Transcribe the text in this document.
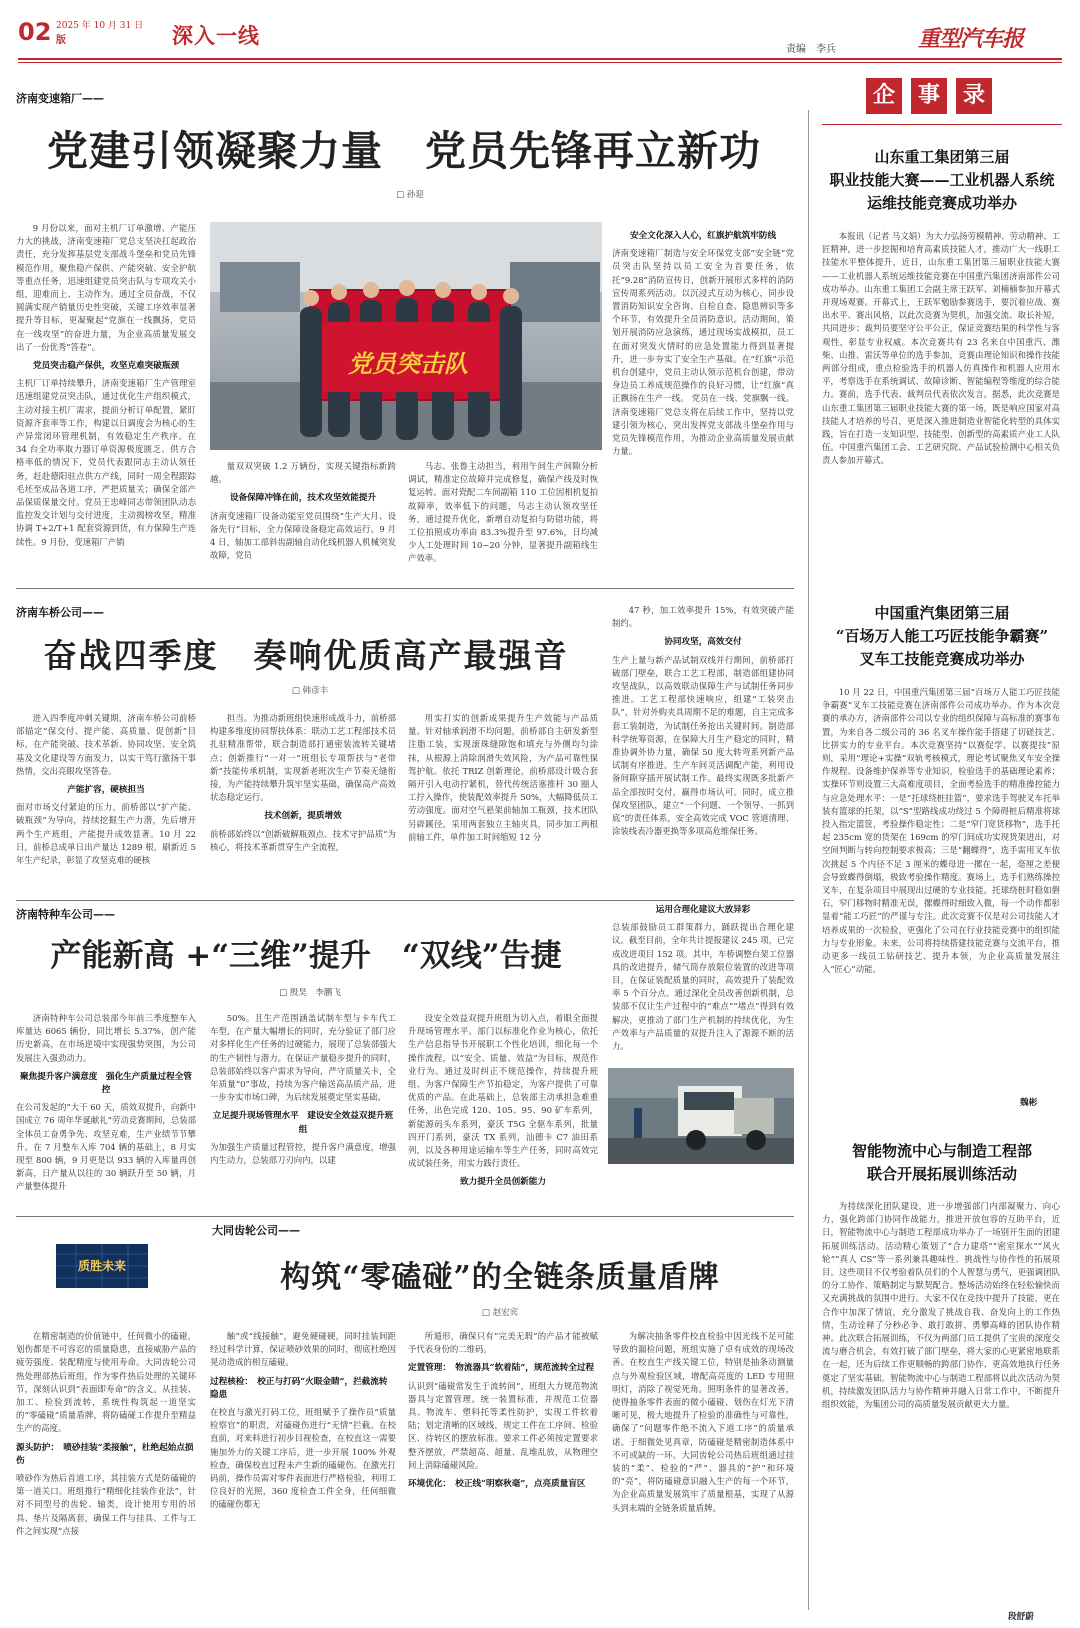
02 版
2025 年 10 月 31 日 深入一线
责编　李兵	重型汽车报
济南变速箱厂——
党建引领凝聚力量　党员先锋再立新功
□ 孙迎
9 月份以来，面对主机厂订单激增、产能压力大的挑战，济南变速箱厂党总支坚决扛起政治责任，充分发挥基层党支部战斗堡垒和党员先锋模范作用，聚焦稳产保供、产能突破、安全护航等重点任务，迅速组建党员突击队与专项攻关小组，迎难而上、主动作为。通过全员奋战，不仅圆满实现产销量历史性突破，关键工序效率显著提升等目标，更凝聚起“党旗在一线飘扬，党员在一线攻坚”的奋进力量，为企业高质量发展交出了一份优秀“答卷”。
党员突击稳产保供，攻坚克难突破瓶颈
主机厂订单持续攀升，济南变速箱厂生产管理室迅速组建党员突击队，通过优化生产组织模式，主动对接主机厂需求，提前分析订单配置，紧盯资源齐套率等工作，构建以日调度会为核心的生产异常闭环管理机制，有效稳定生产秩序。在 34 台全功率取力器订单资源极度匮乏、供方合格率低的情况下，党员代表跟同志主动认领任务，赶赴德阳驻点供方产线，同时一周全程跟踪毛坯至成品各道工序，严把质量关；确保全部产品保质保量交付。党员王忠峰同志带领团队动态监控发交计划与交付进度，主动揭榜攻坚，精准协调 T+2/T+1 配套资源到货，有力保障生产连续性。9 月份，变速箱厂产销
党员突击队
量双双突破 1.2 万辆份，实现关键指标新跨越。
设备保障冲锋在前，技术攻坚效能提升
济南变速箱厂设备动能室党员围绕“生产大月、设备先行”目标，全力保障设备稳定高效运行。9 月 4 日，轴加工部斜齿副轴自动化线机器人机械突发故障，党员
马志、张鲁主动担当，利用午间生产间隙分析调试，精准定位故障并完成修复，确保产线及时恢复运转。面对瓷配二车间副箱 110 工位因相机复拍故障率，效率低下的问题，马志主动认领攻坚任务，通过提升优化，新增自动复拍与防错功能，将工位拍照成功率由 83.3%提升至 97.6%，日均减少人工处理时间 10~20 分钟，显著提升副箱线生产效率。
安全文化深入人心，红旗护航筑牢防线
济南变速箱厂制造与安全环保党支部“安全链”党员突击队坚持以员工安全为首要任务，依托“9.28”消防宣传日，创新开展形式多样的消防宣传周系列活动。以沉浸式互动为核心，同步设置消防知识安全咨询、自检自查、隐患辨识等多个环节，有效提升全员消防意识。活动期间，策划开展消防应急演练，通过现场实战模拟，员工在面对突发火情时的应急处置能力得到显著提升，进一步夯实了安全生产基础。在“红旗”示范机台创建中，党员主动认领示范机台创建，带动身边员工养成规范操作的良好习惯，让“红旗”真正飘扬在生产一线。 党员在一线、党旗飘一线。济南变速箱厂党总支将在后续工作中，坚持以党建引领为核心，突出发挥党支部战斗堡垒作用与党员先锋模范作用，为推动企业高质量发展贡献力量。
济南车桥公司——
奋战四季度　奏响优质高产最强音
□ 韩彦丰
进入四季度冲刺关键期，济南车桥公司前桥部锚定“保交付、提产能、高质量、促创新”目标，在产能突破、技术革新、协同攻坚、安全筑基及文化建设等方面发力，以实干笃行激扬干事热情，交出亮眼攻坚答卷。
产能扩容，硬核担当
面对市场交付紧迫的压力，前桥部以“扩产能、破瓶颈”为导向，持续挖掘生产力潜，先后增开两个生产班组，产能提升成效显著。10 月 22 日，前桥总成单日出产量达 1289 根，刷新近 5 年生产纪录，彰显了攻坚克难的硬核
担当。为推动新班组快速形成战斗力，前桥部构建多维度协同帮扶体系：联动工艺工程部技术员扎驻精准帮带，联合制造部打通密装流转关键堵点；创新推行“一对一”班组长专项帮扶与“老带新”技能传承机制，实现新老班次生产节奏无缝衔接，为产能持续攀升筑牢坚实基础，确保高产高效状态稳定运行。
技术创新，提质增效
前桥部始终以“创新破解瓶颈点、技术守护品质”为核心，将技术革新贯穿生产全流程，
用实打实的创新成果提升生产效能与产品质量。针对轴承润滑不均问题，前桥部自主研发新型注脂工装，实现滚珠缝隙饱和填充与外侧均匀涂抹，从根源上消除润滑失效风险，为产品可靠性保驾护航。依托 TRIZ 创新理论，前桥部设计吸合套隔开引入电动拧紧机，替代传统活塞推杆 30 圈人工拧入操作，使装配效率提升 50%，大幅降低员工劳动强度。面对空气悬架前轴加工瓶颈，技术团队另辟蹊径，采用两套独立主轴夹具，同步加工两根前轴工件，单件加工时间缩短 12 分
47 秒，加工效率提升 15%，有效突破产能制约。
协同攻坚，高效交付
生产上量与新产品试制双线并行期间，前桥部打破部门壁垒，联合工艺工程部，制造部组建协同攻坚战队，以高效联动保障生产与试制任务同步推进。工艺工程部快速响应，组建“工装突击队”，针对外购夹具周期不足的难题，自主完成多套工装制造，为试制任务抢出关键时间。制造部科学统筹资源，在保障大月生产稳定的同时，精准协调外协力量，确保 50 度大转弯系列新产品试制有序推进。生产车间灵活调配产能，利用设备间隙穿插开展试制工作。最终实现既多批新产品全部按时交付，赢得市场认可。同时，成立推保攻坚团队，建立“一个问题、一个领导、一抓到底”的责任体系，安全高效完成 VOC 管道清理、涂装线表冷器更换等多项高危维保任务。
济南特种车公司——
产能新高 +“三维”提升　“双线”告捷
□ 殷昊　李鹏飞
济南特种车公司总装部今年前三季度整车入库量达 6065 辆份，同比增长 5.37%，创产能历史新高，在市场逆境中实现强势突围，为公司发展注入强劲动力。
聚焦提升客户满意度　强化生产质量过程全管控
在公司发起的“大干 60 天，质效双提升，向新中国成立 76 周年华诞献礼”劳动竞赛期间，总装部全体员工奋勇争先、攻坚克难，生产业绩节节攀升。在 7 月整车入库 704 辆的基础上，8 月实现至 800 辆，9 月更是以 933 辆的入库量再创新高，日产量从以往的 30 辆跃升至 50 辆，月产量整体提升
50%。且生产范围涵盖试制车型与卡车代工车型，在产量大幅增长的同时，充分验证了部门应对多样化生产任务的过硬能力，展现了总装部强大的生产韧性与潜力。在保证产量稳步提升的同时，总装部始终以客户需求为导向，严守质量关卡，全年质量“0”事故，持续为客户输送高品质产品，进一步夯实市场口碑，为后续发展奠定坚实基础。
立足提升现场管理水平　建设安全效益双提升班组
为加强生产质量过程管控，提升客户满意度，增强内生动力，总装部刀刃向内，以建
设安全效益双提升班组为切入点，着眼全面提升现场管理水平。部门以标准化作业为核心，依托生产信息指导书开展职工个性化培训，细化每一个操作流程，以“安全、质量、效益”为目标，规范作业行为。通过及时纠正不规范操作，持续提升班组、为客户保障生产节拍稳定，为客户提供了可靠优质的产品。在此基础上，总装部主动承担急难重任务，出色完成 120、105、95、90 矿车系列，新能源码头车系列，豪沃 T5G 全驱车系列，批量四开门系列，豪沃 TX 系列，汕德卡 C7 油田系列，以及各种用途运输车等生产任务，同时高效完成试装任务，用实力践行责任。
致力提升全员创新能力
运用合理化建议大放异彩
总装部鼓励员工群策群力，踊跃提出合理化建议。截至目前，全年共计提报建议 245 项，已完成改进项目 152 项。其中，车桥调整台架工位器具的改进提升，储气筒存放限位装置的改进等项目，在保证装配质量的同时，高效提升了装配效率 5 个百分点。通过深化全员改善创新机制，总装部不仅让生产过程中的“难点”“堵点”得到有效解决，更推动了部门生产机制的持续优化，为生产效率与产品质量的双提升注入了源源不断的活力。
大同齿轮公司——
质胜未来	构筑“零磕碰”的全链条质量盾牌
□ 赵宏宾
在精密制造的价值链中，任何微小的磕碰，划伤都是不可容忍的质量隐患，直接威胁产品的疲劳强度、装配精度与使用寿命。大同齿轮公司热处理部热后班组，作为零件热后处理的关键环节，深刻认识到“表面即寿命”的含义。从挂装、加工、检验到流转，系统性构筑起一道坚实的“零磕碰”质量盾牌，将防磕碰工作提升至精益生产的高度。
源头防护：　喷砂挂装“柔接触”，杜绝起始点损伤
喷砂作为热后首道工序，其挂装方式是防磕碰的第一道关口。班组推行“精细化挂装作业法”，针对不同型号的齿轮、轴类，设计使用专用的吊具、垫片及隔离套，确保工件与挂具、工件与工件之间实现“点接
触”或“线接触”，避免硬碰硬，同时挂装间距经过科学计算，保证喷砂效果的同时，彻底杜绝因晃动造成的相互磕碰。
过程核检：　校正与打码“火眼金睛”，拦截流转隐患
在校直与激光打码工位，班组赋予了操作员“质量检察官”的职责，对磕碰伤进行“无情”拦截。在校直前，对来料进行初步目视检查，在校直这一需要施加外力的关键工序后，进一步开展 100% 外观检查，确保校直过程未产生新的磕碰伤。在激光打码前，操作员需对零件表面进行严格检验，利用工位良好的光照，360 度检查工件全身，任何细微的磕碰伤都无
所遁形，确保只有“完美无瑕”的产品才能被赋予代表身份的二维码。
定置管理：　物流器具“软着陆”，规范流转全过程
认识到“磕碰常发生于流转间”，班组大力规范物流器具与定置管理。统一装置标准，并规范工位器具、物流车、塑料托等柔性防护，实现工件软着陆；划定清晰的区域线，规定工件在工序间、检验区、待转区的摆放标准。要求工件必须按定置要求整齐摆放，严禁超高、超量、乱堆乱放，从物理空间上消除磕碰风险。
环境优化：　校正线“明察秋毫”，点亮质量盲区
为解决抽条零件校直检验中因光线不足可能导致的漏检问题，班组实施了卓有成效的现场改善。在校直生产线关键工位，特别是抽条动测量点与外观检验区域，增配高亮度的 LED 专用照明灯，消除了视觉死角。照明条件的显著改善，使得抽条零件表面的微小磕碰、划伤在灯光下清晰可见，极大地提升了检验的准确性与可靠性，确保了“问题零件绝不流入下道工序”的质量承诺。于细微处见真章，防磕碰是精密制造体系中不可或缺的一环。大同齿轮公司热后班组通过挂装的“柔”、检验的“严”、器具的“护”和环境的“亮”，将防磕碰意识融入生产的每一个环节，为企业高质量发展筑牢了质量根基，实现了从源头到末端的全链条质量盾牌。
企	事	录
山东重工集团第三届
职业技能大赛——工业机器人系统
运维技能竞赛成功举办
本报讯（记者 马文娟）为大力弘扬劳模精神、劳动精神、工匠精神，进一步挖掘和培育高素质技能人才，推动广大一线职工技能水平整体提升，近日，山东重工集团第三届职业技能大赛——工业机器人系统运维技能竞赛在中国重汽集团济南部件公司成功举办。山东重工集团工会副主席王跃军、刘楠楠参加开幕式并现场观赛。开幕式上，王跃军勉励参赛选手，要沉着应战、赛出水平、赛出风格，以此次竞赛为契机，加强交流、取长补短，共同进步；裁判员要坚守公平公正，保证竞赛结果的科学性与客观性，彰显专业权威。本次竞赛共有 23 名来自中国重汽、潍柴、山推、雷沃等单位的选手参加，竞赛由理论知识和操作技能两部分组成，重点检验选手的机器人仿真操作和机器人应用水平，考察选手在系统调试、故障诊断、智能编程等维度的综合能力。赛前，选手代表、裁判员代表依次发言。据悉，此次竞赛是山东重工集团第三届职业技能大赛的第一场，既是响应国家对高技能人才培养的号召，更是深入推进制造业智能化转型的具体实践，旨在打造一支知识型、技能型、创新型的高素质产业工人队伍。中国重汽集团工会、工艺研究院、产品试验检测中心相关负责人参加开幕式。
中国重汽集团第三届
“百场万人能工巧匠技能争霸赛”
叉车工技能竞赛成功举办
10 月 22 日，中国重汽集团第三届“百场万人能工巧匠技能争霸赛”叉车工技能竞赛在济南部件公司成功举办。作为本次竞赛的承办方，济南部件公司以专业的组织保障与高标准的赛事布置，为来自各二级公司的 36 名叉车操作能手搭建了切磋技艺、比拼实力的专业平台。本次竞赛坚持“以赛促学、以赛提技”原则，采用“理论+实操”双轨考核模式，理论考试聚焦叉车安全操作规程、设备维护保养等专业知识，检验选手的基础理论素养；实操环节则设置三大高难度项目，全面考验选手的精准操控能力与应急处理水平：一是“托球绕桩挂篮”，要求选手驾驶叉车托举装有篮球的托架，以“S”型路线成功绕过 5 个障碍桩后精准将球投入指定篮筐，考验操作稳定性；二是“窄门宽货移物”，选手托起 235cm 宽的货架在 169cm 的窄门间成功实现货架进出，对空间判断与转向控制要求极高；三是“翻蝶得”，选手需用叉车依次挑起 5 个内径不足 3 厘米的蝶母进一摞在一起，毫厘之差便会导致蝶得倒塌，极致考验操作精度。赛场上，选手们熟练操控叉车，在复杂项目中展现出过硬的专业技能。托球绕桩时稳如磐石，窄门移物时精准无误，摞蝶得时细致入微，每一个动作都彰显着“能工巧匠”的严谨与专注。此次竞赛不仅是对公司技能人才培养成果的一次检验，更强化了公司在行业技能竞赛中的组织能力与专业形象。未来，公司将持续搭建技能竞赛与交流平台，推动更多一线员工钻研技艺、提升本领，为企业高质量发展注入“匠心”动能。
魏彬
智能物流中心与制造工程部
联合开展拓展训练活动
为持续深化团队建设，进一步增强部门内部凝聚力、向心力，强化跨部门协同作战能力，推进开放包容的互助平台，近日，智能物流中心与制造工程部成功举办了一场别开生面的团建拓展训练活动。活动精心策划了“合力建塔”“密室探水”“风火轮”“真人 CS”等一系列兼具趣味性、挑战性与协作性的拓展项目。这些项目不仅考验着队员们的个人智慧与勇气，更强调团队的分工协作、策略制定与默契配合。整场活动始终在轻松愉快而又充满挑战的氛围中进行。大家不仅在竞技中提升了技能，更在合作中加深了情谊，充分激发了挑战自我、奋发向上的工作热情，生动诠释了分秒必争、敢打敢拼、勇攀高峰的团队协作精神。此次联合拓展训练，不仅为两部门员工提供了宝贵的深度交流与磨合机会，有效打破了部门壁垒，将大家的心更紧密地联系在一起，还为后续工作更顺畅的跨部门协作、更高效地执行任务奠定了坚实基础。智能物流中心与制造工程部将以此次活动为契机，持续激发团队活力与协作精神并融入日常工作中，不断提升组织效能，为集团公司的高质量发展贡献更大力量。
段舒蔚
